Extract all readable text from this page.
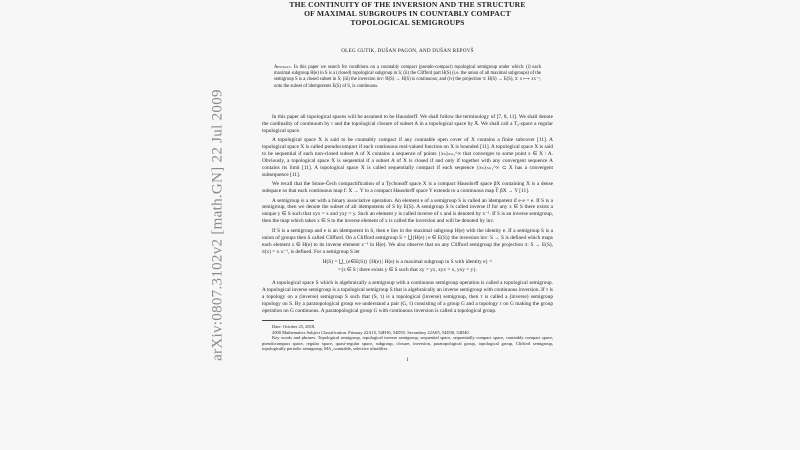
arXiv:0807.3102v2 [math.GN] 22 Jul 2009
THE CONTINUITY OF THE INVERSION AND THE STRUCTURE
OF MAXIMAL SUBGROUPS IN COUNTABLY COMPACT
TOPOLOGICAL SEMIGROUPS
OLEG GUTIK, DUŠAN PAGON, AND DUŠAN REPOVŠ
Abstract. In this paper we search for conditions on a countably compact (pseudo-compact) topological semigroup under which: (i) each maximal subgroup H(e) in S is a (closed) topological subgroup in S; (ii) the Clifford part H(S) (i.e. the union of all maximal subgroups) of the semigroup S is a closed subset in S; (iii) the inversion inv: H(S) → H(S) is continuous; and (iv) the projection π: H(S) → E(S), π: x ⟼ xx⁻¹, onto the subset of idempotents E(S) of S, is continuous.

In this paper all topological spaces will be assumed to be Hausdorff. We shall follow the terminology of [7, 8, 11]. We shall denote the cardinality of continuum by 𝔠 and the topological closure of subset A in a topological space by A̅. We shall call a T₃-space a regular topological space.

A topological space X is said to be countably compact if any countable open cover of X contains a finite subcover [11]. A topological space X is called pseudocompact if each continuous real-valued function on X is bounded [11]. A topological space X is said to be sequential if each non-closed subset A of X contains a sequence of points {xₙ}ₙ₌₁^∞ that converges to some point x ∈ X \ A. Obviously, a topological space X is sequential if a subset A of X is closed if and only if together with any convergent sequence A contains its limit [11]. A topological space X is called sequentially compact if each sequence {xₙ}ₙ₌₁^∞ ⊂ X has a convergent subsequence [11].

We recall that the Stone-Čech compactification of a Tychonoff space X is a compact Hausdorff space βX containing X is a dense subspace so that each continuous map f: X → Y to a compact Hausdorff space Y extends to a continuous map f̅: βX → Y [11].

A semigroup is a set with a binary associative operation. An element e of a semigroup S is called an idempotent if e·e = e. If S is a semigroup, then we denote the subset of all idempotents of S by E(S). A semigroup S is called inverse if for any x ∈ S there exists a unique y ∈ S such that xyx = x and yxy = y. Such an element y is called inverse of x and is denoted by x⁻¹. If S is an inverse semigroup, then the map which takes x ∈ S to the inverse element of x is called the inversion and will be denoted by inv.

If S is a semigroup and e is an idempotent in S, then e lies in the maximal subgroup H(e) with the identity e. If a semigroup S is a union of groups then S called Clifford. On a Clifford semigroup S = ⋃{H(e) | e ∈ E(S)} the inversion inv: S → S is defined which maps each element x ∈ H(e) to its inverse element x⁻¹ in H(e). We also observe that on any Clifford semigroup the projection π: S → E(S), π(x) = x·x⁻¹, is defined. For a semigroup S let

H(S) = ⋃_{e∈E(S)} {H(e) | H(e) is a maximal subgroup in S with identity e} =
={s ∈ S | there exists y ∈ S such that xy = yx, xyx = x, yxy = y}.

A topological space S which is algebraically a semigroup with a continuous semigroup operation is called a topological semigroup. A topological inverse semigroup is a topological semigroup S that is algebraically an inverse semigroup with continuous inversion. If τ is a topology on a (inverse) semigroup S such that (S, τ) is a topological (inverse) semigroup, then τ is called a (inverse) semigroup topology on S. By a paratopological group we understand a pair (G, τ) consisting of a group G and a topology τ on G making the group operation on G continuous. A paratopological group G with continuous inversion is called a topological group.

Date: October 25, 2018.
2000 Mathematics Subject Classification. Primary 22A15, 54H10, 54D55. Secondary 22A05, 54D30, 54D40.
Key words and phrases. Topological semigroup, topological inverse semigroup, sequential space, sequentially compact space, countably compact space, pseudocompact space, regular space, quasi-regular space, subgroup, closure, inversion, paratopological group, topological group, Clifford semigroup, topologically periodic semigroup, MA_countable, selective ultrafilter.
1
